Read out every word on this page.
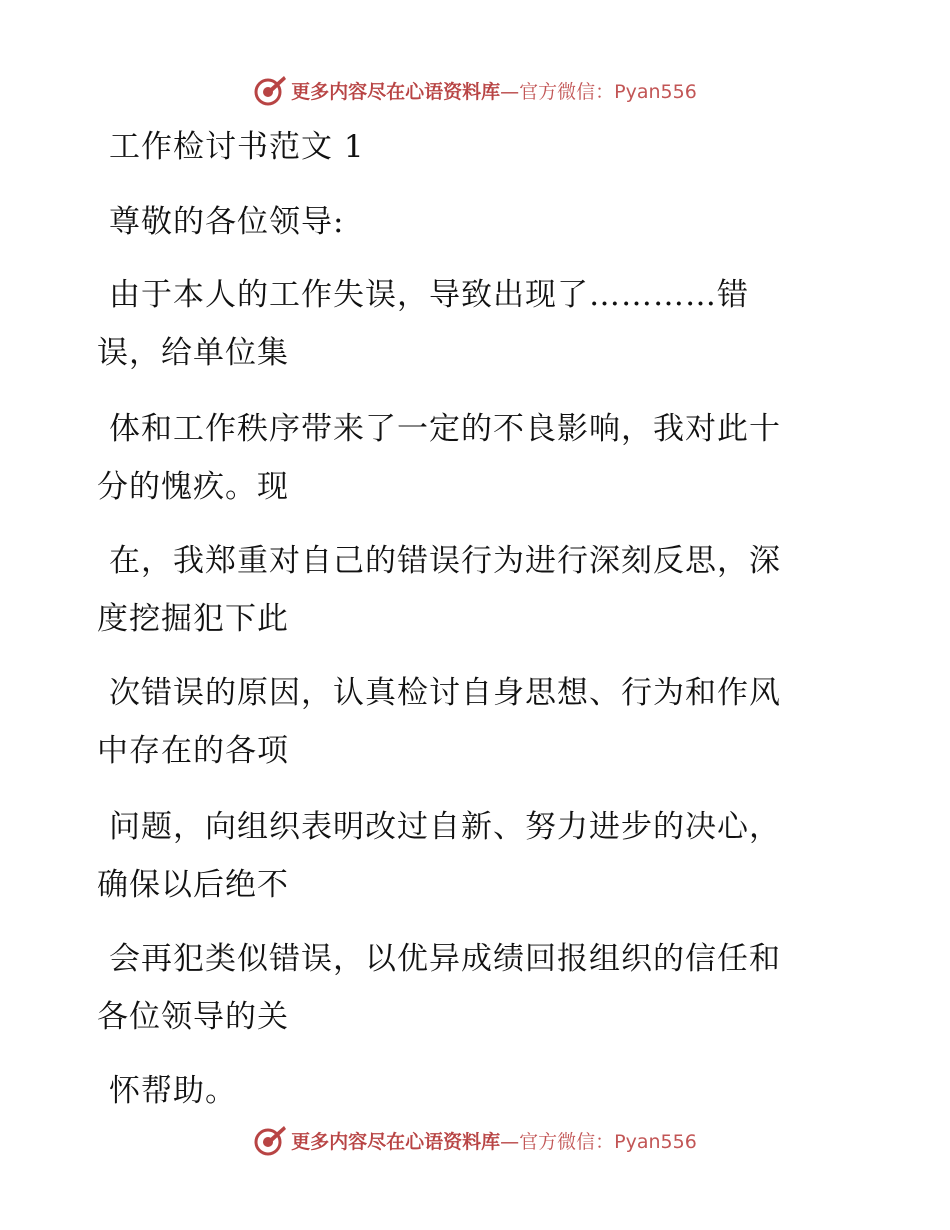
更多内容尽在心语资料库—官方微信：Pyan556
工作检讨书范文 1
尊敬的各位领导:
由于本人的工作失误，导致出现了…………错
误，给单位集
体和工作秩序带来了一定的不良影响，我对此十
分的愧疚。现
在，我郑重对自己的错误行为进行深刻反思，深
度挖掘犯下此
次错误的原因，认真检讨自身思想、行为和作风
中存在的各项
问题，向组织表明改过自新、努力进步的决心，
确保以后绝不
会再犯类似错误，以优异成绩回报组织的信任和
各位领导的关
怀帮助。
更多内容尽在心语资料库—官方微信：Pyan556
